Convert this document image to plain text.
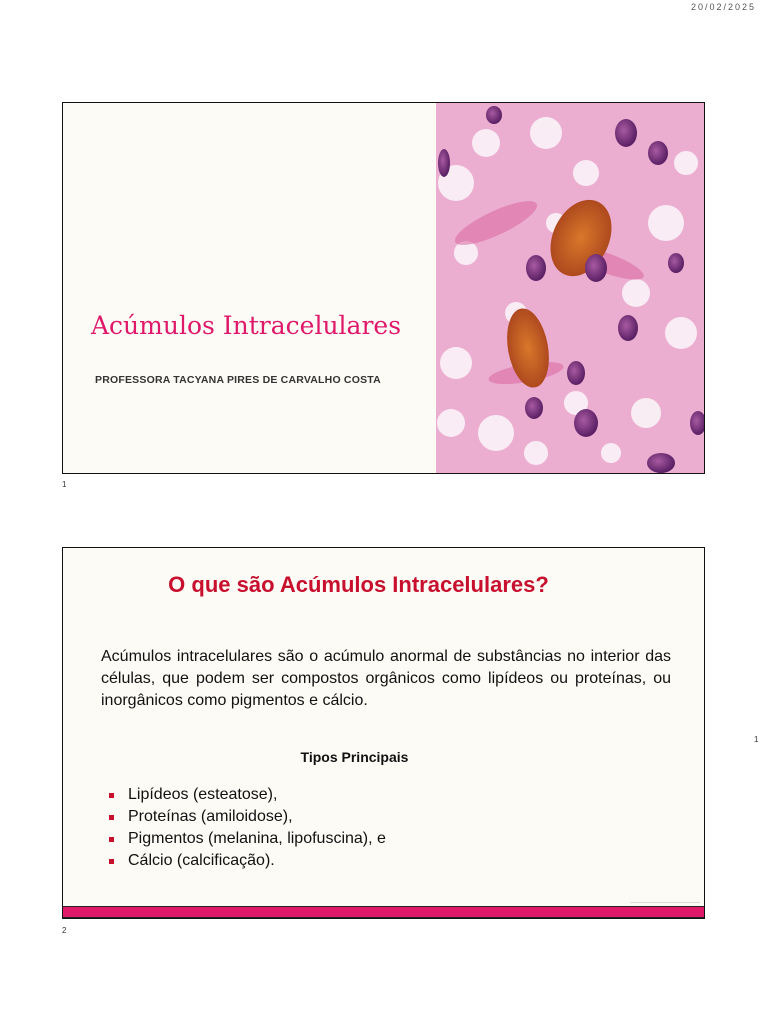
20/02/2025
Acúmulos Intracelulares
PROFESSORA TACYANA PIRES DE CARVALHO COSTA
1
1
O que são Acúmulos Intracelulares?
Acúmulos intracelulares são o acúmulo anormal de substâncias no interior das células, que podem ser compostos orgânicos como lipídeos ou proteínas, ou inorgânicos como pigmentos e cálcio.
Tipos Principais
Lipídeos (esteatose),
Proteínas (amiloidose),
Pigmentos (melanina, lipofuscina), e
Cálcio (calcificação).
2
